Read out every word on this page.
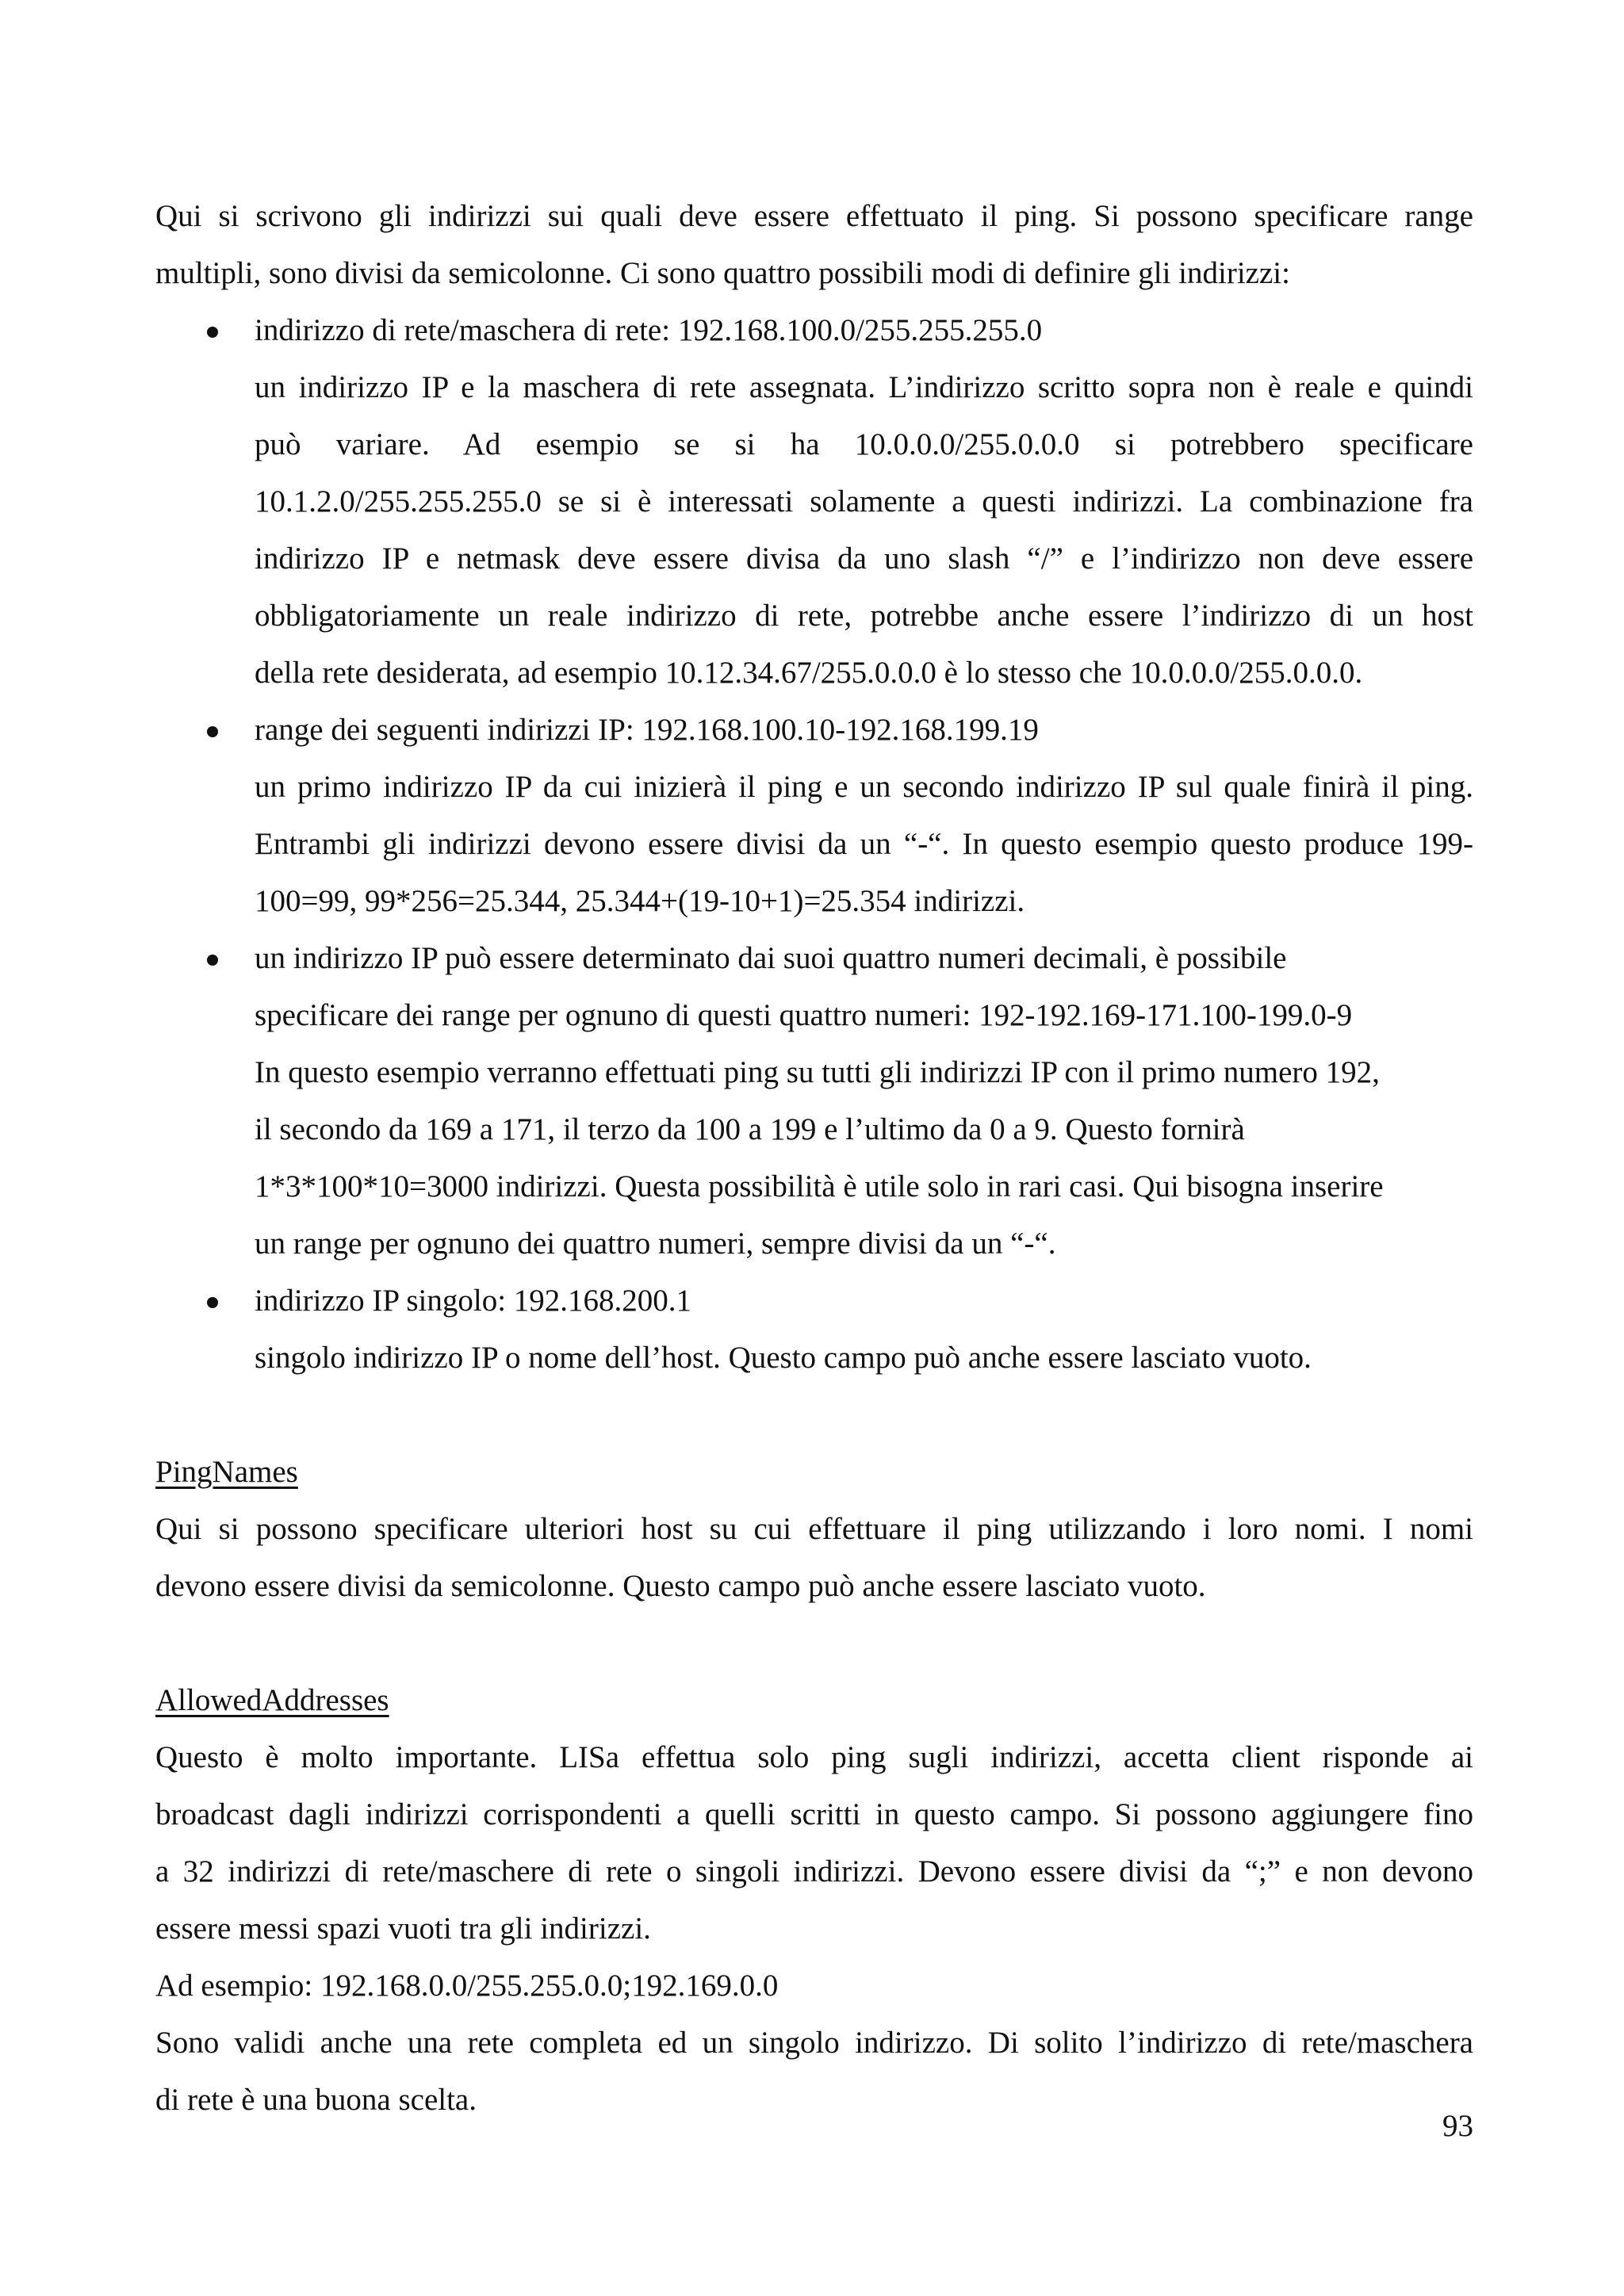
Qui si scrivono gli indirizzi sui quali deve essere effettuato il ping. Si possono specificare range

multipli, sono divisi da semicolonne. Ci sono quattro possibili modi di definire gli indirizzi:

indirizzo di rete/maschera di rete: 192.168.100.0/255.255.255.0

un indirizzo IP e la maschera di rete assegnata. L’indirizzo scritto sopra non è reale e quindi

può variare. Ad esempio se si ha 10.0.0.0/255.0.0.0 si potrebbero specificare

10.1.2.0/255.255.255.0 se si è interessati solamente a questi indirizzi. La combinazione fra

indirizzo IP e netmask deve essere divisa da uno slash “/” e l’indirizzo non deve essere

obbligatoriamente un reale indirizzo di rete, potrebbe anche essere l’indirizzo di un host

della rete desiderata, ad esempio 10.12.34.67/255.0.0.0 è lo stesso che 10.0.0.0/255.0.0.0.

range dei seguenti indirizzi IP: 192.168.100.10-192.168.199.19

un primo indirizzo IP da cui inizierà il ping e un secondo indirizzo IP sul quale finirà il ping.

Entrambi gli indirizzi devono essere divisi da un “-“. In questo esempio questo produce 199-

100=99, 99*256=25.344, 25.344+(19-10+1)=25.354 indirizzi.

un indirizzo IP può essere determinato dai suoi quattro numeri decimali, è possibile

specificare dei range per ognuno di questi quattro numeri: 192-192.169-171.100-199.0-9

In questo esempio verranno effettuati ping su tutti gli indirizzi IP con il primo numero 192,

il secondo da 169 a 171, il terzo da 100 a 199 e l’ultimo da 0 a 9. Questo fornirà

1*3*100*10=3000 indirizzi. Questa possibilità è utile solo in rari casi. Qui bisogna inserire

un range per ognuno dei quattro numeri, sempre divisi da un “-“.

indirizzo IP singolo: 192.168.200.1

singolo indirizzo IP o nome dell’host. Questo campo può anche essere lasciato vuoto.

PingNames

Qui si possono specificare ulteriori host su cui effettuare il ping utilizzando i loro nomi. I nomi

devono essere divisi da semicolonne. Questo campo può anche essere lasciato vuoto.

AllowedAddresses

Questo è molto importante. LISa effettua solo ping sugli indirizzi, accetta client risponde ai

broadcast dagli indirizzi corrispondenti a quelli scritti in questo campo. Si possono aggiungere fino

a 32 indirizzi di rete/maschere di rete o singoli indirizzi. Devono essere divisi da “;” e non devono

essere messi spazi vuoti tra gli indirizzi.

Ad esempio: 192.168.0.0/255.255.0.0;192.169.0.0

Sono validi anche una rete completa ed un singolo indirizzo. Di solito l’indirizzo di rete/maschera

di rete è una buona scelta.

93
